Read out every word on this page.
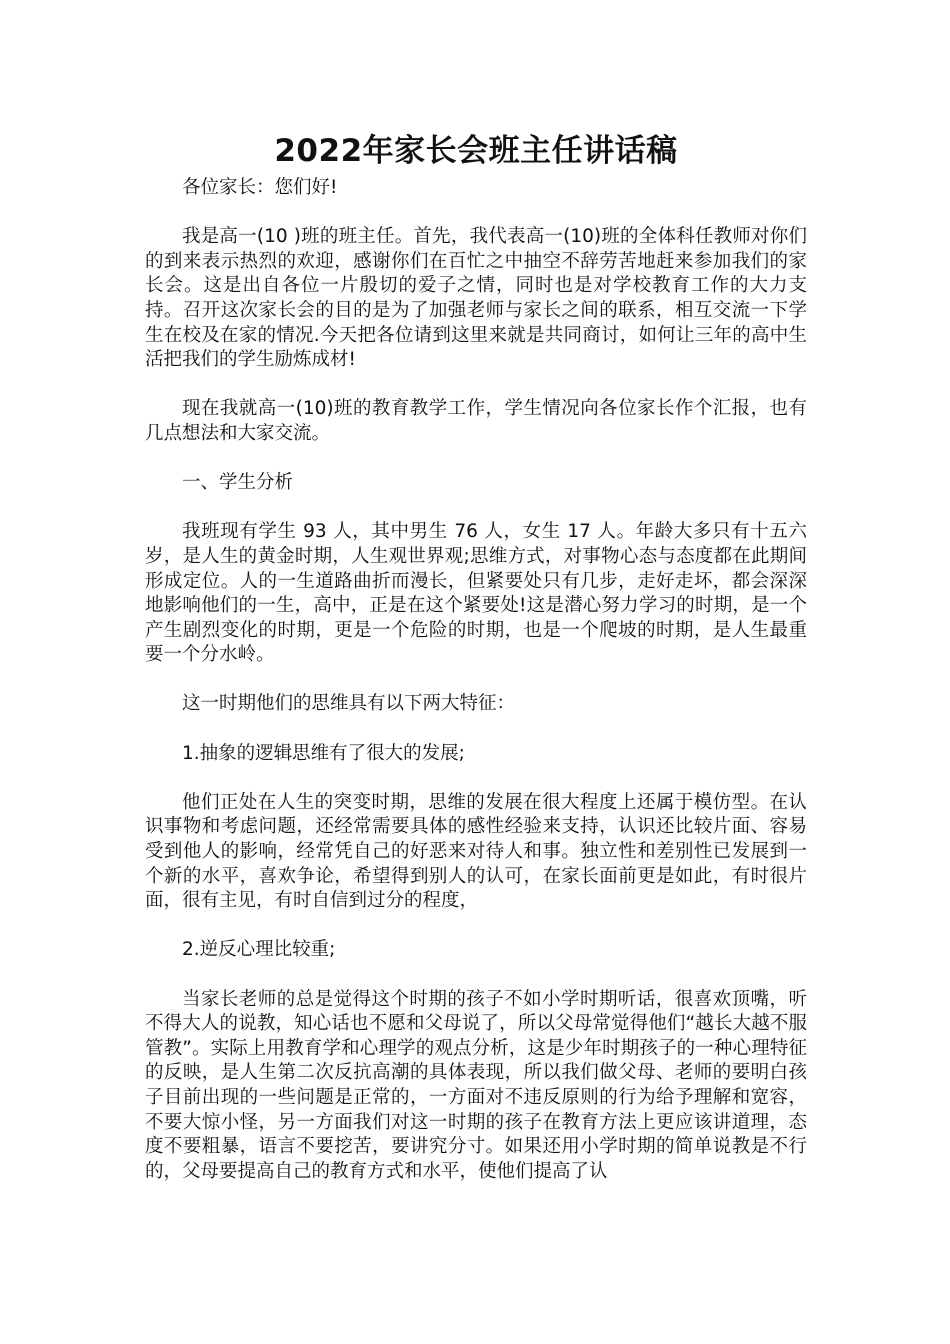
2022年家长会班主任讲话稿

各位家长：您们好!

我是高一(10 )班的班主任。首先，我代表高一(10)班的全体科任教师对你们的到来表示热烈的欢迎，感谢你们在百忙之中抽空不辞劳苦地赶来参加我们的家长会。这是出自各位一片殷切的爱子之情，同时也是对学校教育工作的大力支持。召开这次家长会的目的是为了加强老师与家长之间的联系，相互交流一下学生在校及在家的情况.今天把各位请到这里来就是共同商讨，如何让三年的高中生活把我们的学生励炼成材!

现在我就高一(10)班的教育教学工作，学生情况向各位家长作个汇报，也有几点想法和大家交流。

一、学生分析

我班现有学生 93 人，其中男生 76 人，女生 17 人。年龄大多只有十五六岁，是人生的黄金时期，人生观世界观;思维方式，对事物心态与态度都在此期间形成定位。人的一生道路曲折而漫长，但紧要处只有几步，走好走坏，都会深深地影响他们的一生，高中，正是在这个紧要处!这是潜心努力学习的时期，是一个产生剧烈变化的时期，更是一个危险的时期，也是一个爬坡的时期，是人生最重要一个分水岭。

这一时期他们的思维具有以下两大特征：

1.抽象的逻辑思维有了很大的发展;

他们正处在人生的突变时期，思维的发展在很大程度上还属于模仿型。在认识事物和考虑问题，还经常需要具体的感性经验来支持，认识还比较片面、容易受到他人的影响，经常凭自己的好恶来对待人和事。独立性和差别性已发展到一个新的水平，喜欢争论，希望得到别人的认可，在家长面前更是如此，有时很片面，很有主见，有时自信到过分的程度，

2.逆反心理比较重;

当家长老师的总是觉得这个时期的孩子不如小学时期听话，很喜欢顶嘴，听不得大人的说教，知心话也不愿和父母说了，所以父母常觉得他们“越长大越不服管教”。实际上用教育学和心理学的观点分析，这是少年时期孩子的一种心理特征的反映，是人生第二次反抗高潮的具体表现，所以我们做父母、老师的要明白孩子目前出现的一些问题是正常的，一方面对不违反原则的行为给予理解和宽容，不要大惊小怪，另一方面我们对这一时期的孩子在教育方法上更应该讲道理，态度不要粗暴，语言不要挖苦，要讲究分寸。如果还用小学时期的简单说教是不行的，父母要提高自己的教育方式和水平，使他们提高了认
